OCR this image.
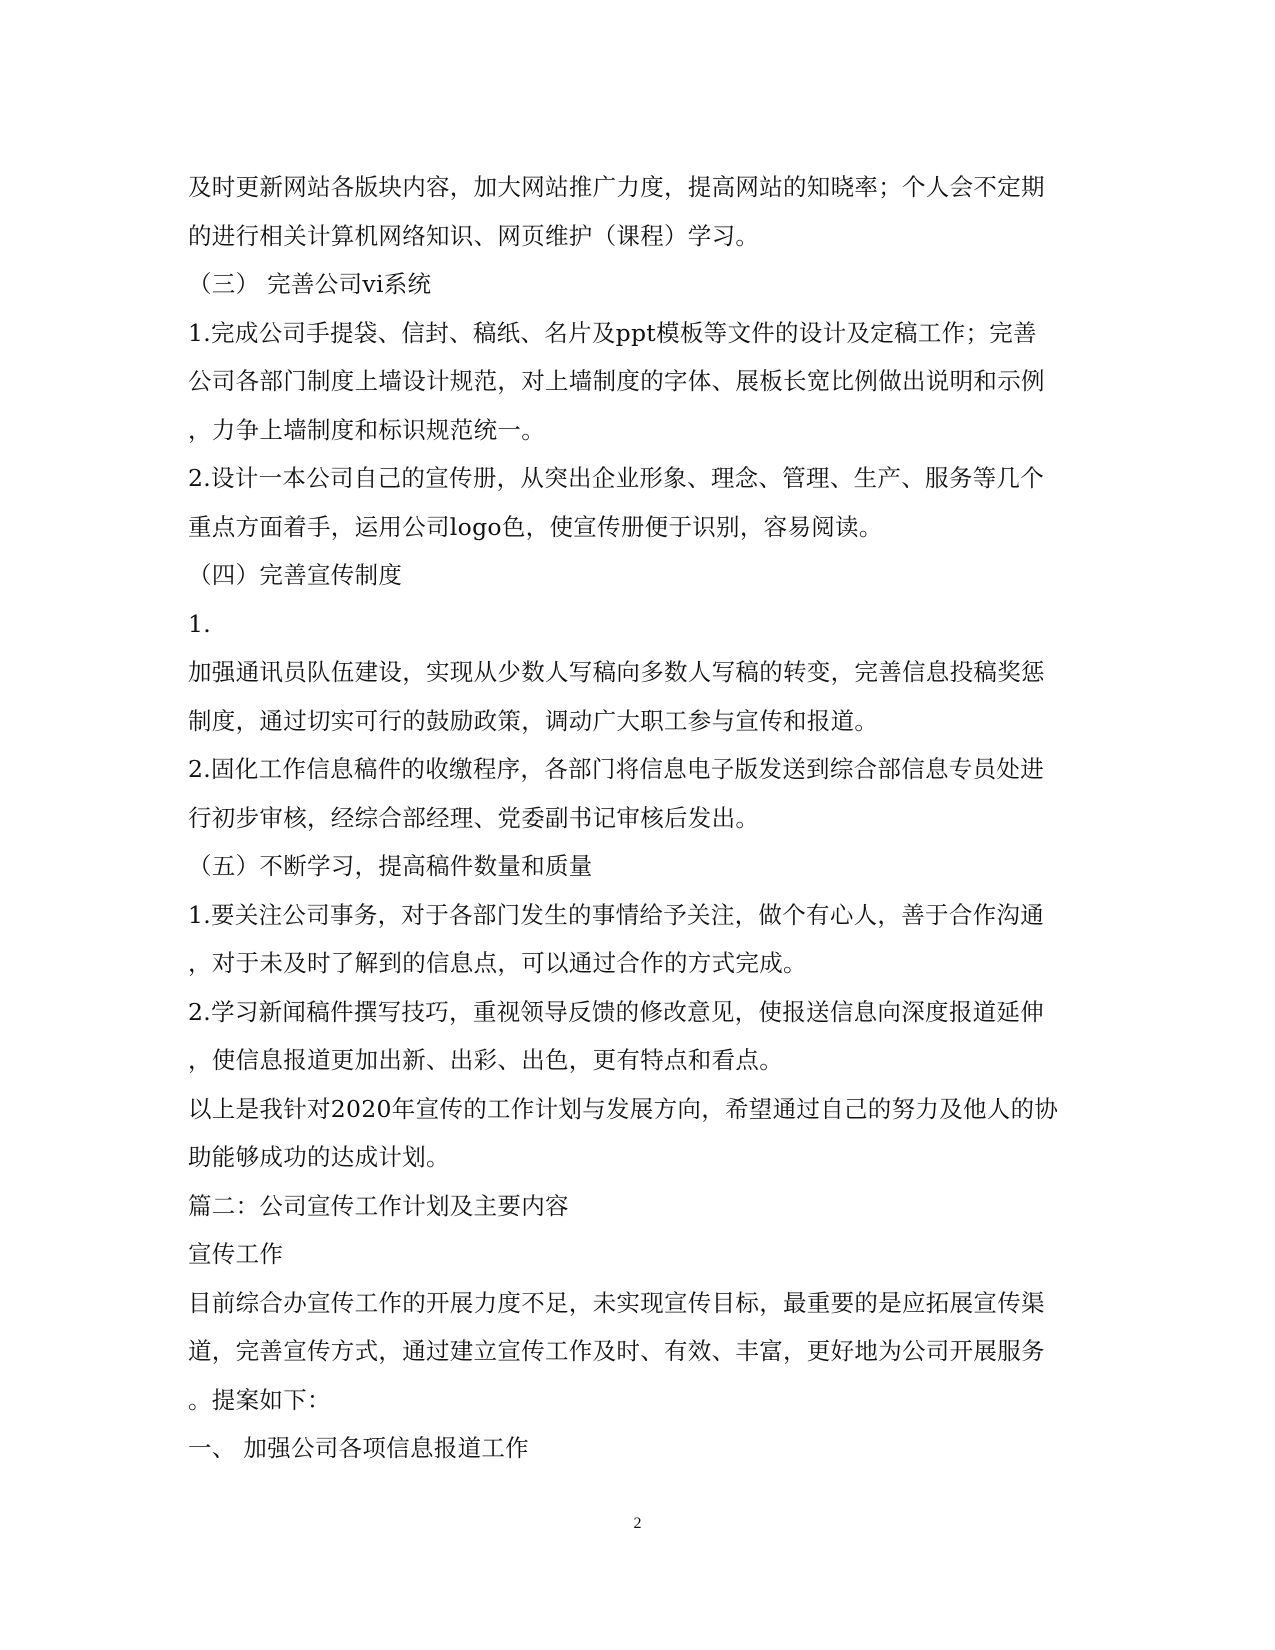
及时更新网站各版块内容，加大网站推广力度，提高网站的知晓率；个人会不定期
的进行相关计算机网络知识、网页维护（课程）学习。
（三） 完善公司vi系统
1.完成公司手提袋、信封、稿纸、名片及ppt模板等文件的设计及定稿工作；完善
公司各部门制度上墙设计规范，对上墙制度的字体、展板长宽比例做出说明和示例
，力争上墙制度和标识规范统一。
2.设计一本公司自己的宣传册，从突出企业形象、理念、管理、生产、服务等几个
重点方面着手，运用公司logo色，使宣传册便于识别，容易阅读。
（四）完善宣传制度
1.
加强通讯员队伍建设，实现从少数人写稿向多数人写稿的转变，完善信息投稿奖惩
制度，通过切实可行的鼓励政策，调动广大职工参与宣传和报道。
2.固化工作信息稿件的收缴程序，各部门将信息电子版发送到综合部信息专员处进
行初步审核，经综合部经理、党委副书记审核后发出。
（五）不断学习，提高稿件数量和质量
1.要关注公司事务，对于各部门发生的事情给予关注，做个有心人，善于合作沟通
，对于未及时了解到的信息点，可以通过合作的方式完成。
2.学习新闻稿件撰写技巧，重视领导反馈的修改意见，使报送信息向深度报道延伸
，使信息报道更加出新、出彩、出色，更有特点和看点。
以上是我针对2020年宣传的工作计划与发展方向，希望通过自己的努力及他人的协
助能够成功的达成计划。
篇二：公司宣传工作计划及主要内容
宣传工作
目前综合办宣传工作的开展力度不足，未实现宣传目标，最重要的是应拓展宣传渠
道，完善宣传方式，通过建立宣传工作及时、有效、丰富，更好地为公司开展服务
。提案如下：
一、 加强公司各项信息报道工作
2
